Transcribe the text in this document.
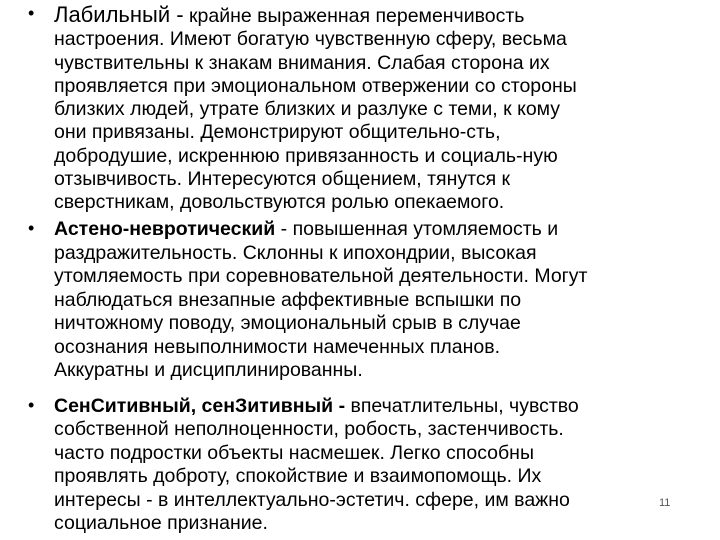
• Лабильный - крайне выраженная переменчивость
настроения. Имеют богатую чувственную сферу, весьма
чувствительны к знакам внимания. Слабая сторона их
проявляется при эмоциональном отвержении со стороны
близких людей, утрате близких и разлуке с теми, к кому
они привязаны. Демонстрируют общительно-сть,
добродушие, искреннюю привязанность и социаль-ную
отзывчивость. Интересуются общением, тянутся к
сверстникам, довольствуются ролью опекаемого.
• Астено-невротический - повышенная утомляемость и
раздражительность. Склонны к ипохондрии, высокая
утомляемость при соревновательной деятельности. Могут
наблюдаться внезапные аффективные вспышки по
ничтожному поводу, эмоциональный срыв в случае
осознания невыполнимости намеченных планов.
Аккуратны и дисциплинированны.
• СенСитивный, сенЗитивный - впечатлительны, чувство
собственной неполноценности, робость, застенчивость.
часто подростки объекты насмешек. Легко способны
проявлять доброту, спокойствие и взаимопомощь. Их
интересы - в интеллектуально-эстетич. сфере, им важно
социальное признание.
11
